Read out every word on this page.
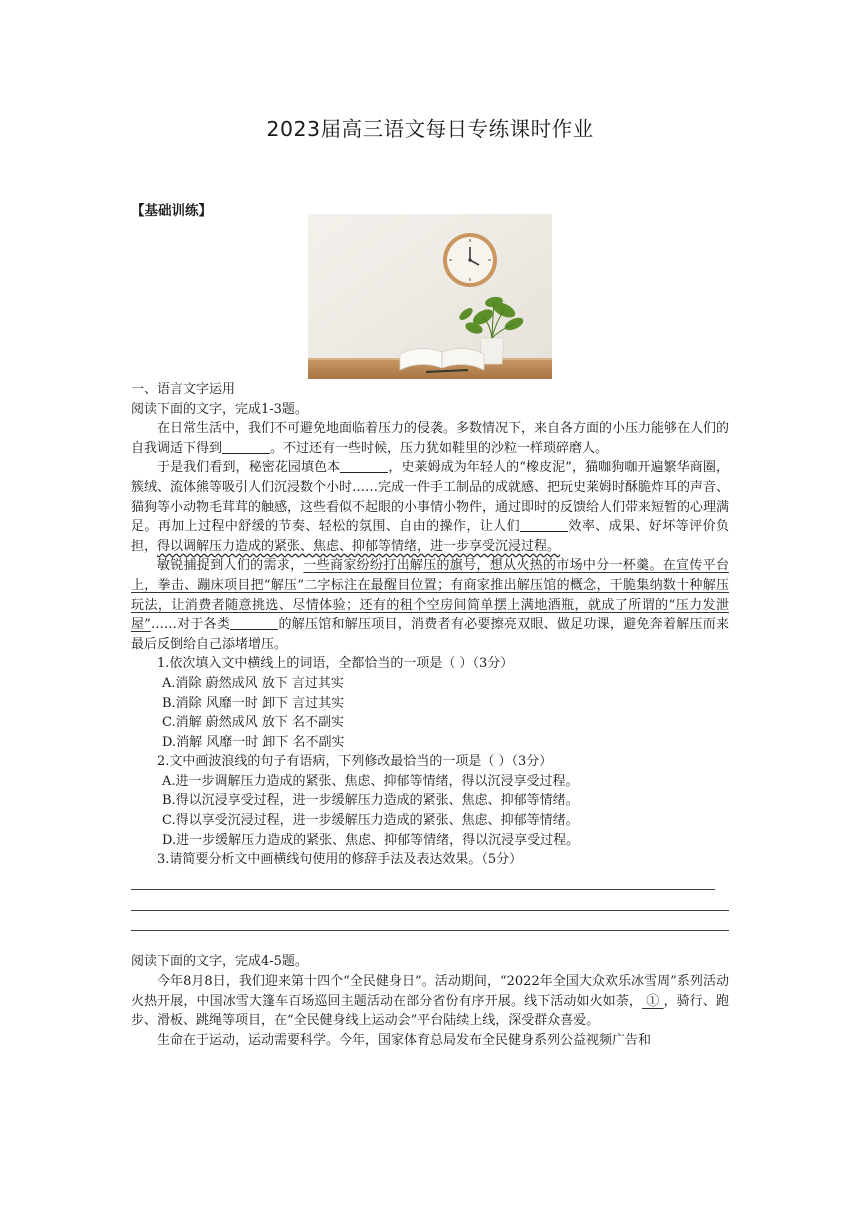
2023届高三语文每日专练课时作业
【基础训练】

一、语言文字运用

阅读下面的文字，完成1-3题。

在日常生活中，我们不可避免地面临着压力的侵袭。多数情况下，来自各方面的小压力能够在人们的自我调适下得到	。不过还有一些时候，压力犹如鞋里的沙粒一样琐碎磨人。

于是我们看到，秘密花园填色本	，史莱姆成为年轻人的“橡皮泥”，猫咖狗咖开遍繁华商圈，簇绒、流体熊等吸引人们沉浸数个小时……完成一件手工制品的成就感、把玩史莱姆时酥脆炸耳的声音、猫狗等小动物毛茸茸的触感，这些看似不起眼的小事情小物件，通过即时的反馈给人们带来短暂的心理满足。再加上过程中舒缓的节奏、轻松的氛围、自由的操作，让人们	效率、成果、好坏等评价负担，得以调解压力造成的紧张、焦虑、抑郁等情绪，进一步享受沉浸过程。

敏锐捕捉到人们的需求，一些商家纷纷打出解压的旗号，想从火热的市场中分一杯羹。在宣传平台上，拳击、蹦床项目把“解压”二字标注在最醒目位置；有商家推出解压馆的概念，干脆集纳数十种解压玩法，让消费者随意挑选、尽情体验；还有的租个空房间简单摆上满地酒瓶，就成了所谓的“压力发泄屋”……对于各类	的解压馆和解压项目，消费者有必要擦亮双眼、做足功课，避免奔着解压而来最后反倒给自己添堵增压。

1.依次填入文中横线上的词语，全都恰当的一项是（ ）（3分）

A.消除 蔚然成风 放下 言过其实

B.消除 风靡一时 卸下 言过其实

C.消解 蔚然成风 放下 名不副实

D.消解 风靡一时 卸下 名不副实

2.文中画波浪线的句子有语病，下列修改最恰当的一项是（ ）（3分）

A.进一步调解压力造成的紧张、焦虑、抑郁等情绪，得以沉浸享受过程。

B.得以沉浸享受过程，进一步缓解压力造成的紧张、焦虑、抑郁等情绪。

C.得以享受沉浸过程，进一步缓解压力造成的紧张、焦虑、抑郁等情绪。

D.进一步缓解压力造成的紧张、焦虑、抑郁等情绪，得以沉浸享受过程。

3.请简要分析文中画横线句使用的修辞手法及表达效果。（5分）

阅读下面的文字，完成4-5题。

今年8月8日，我们迎来第十四个“全民健身日”。活动期间，“2022年全国大众欢乐冰雪周”系列活动火热开展，中国冰雪大篷车百场巡回主题活动在部分省份有序开展。线下活动如火如荼， ① ，骑行、跑步、滑板、跳绳等项目，在“全民健身线上运动会”平台陆续上线，深受群众喜爱。

生命在于运动，运动需要科学。今年，国家体育总局发布全民健身系列公益视频广告和
